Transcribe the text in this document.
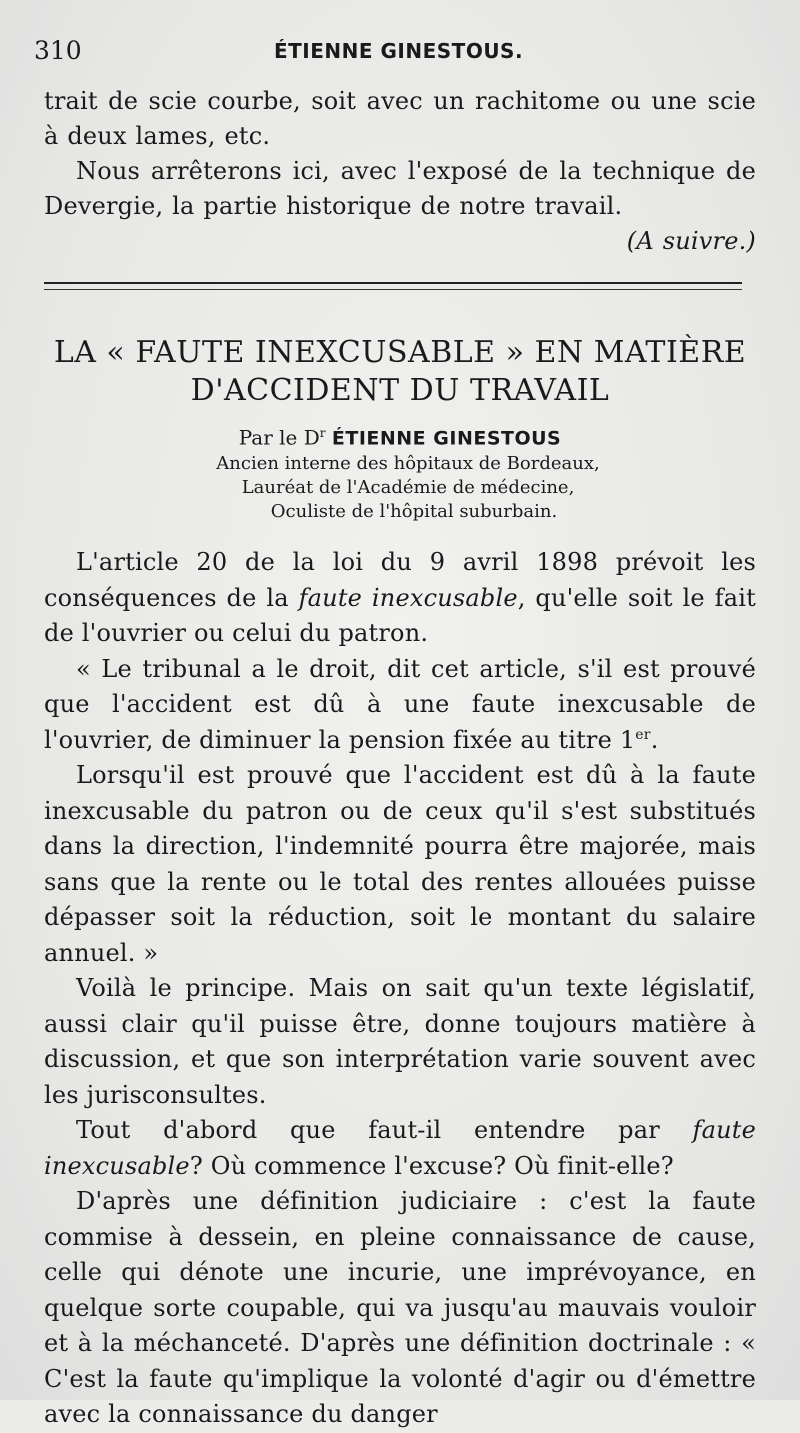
310	ÉTIENNE GINESTOUS.

trait de scie courbe, soit avec un rachitome ou une scie à deux lames, etc.

Nous arrêterons ici, avec l'exposé de la technique de Devergie, la partie historique de notre travail.

(A suivre.)

LA « FAUTE INEXCUSABLE » EN MATIÈRE
D'ACCIDENT DU TRAVAIL
Par le $D^r$ ÉTIENNE GINESTOUS
Ancien interne des hôpitaux de Bordeaux,
Lauréat de l'Académie de médecine,
Oculiste de l'hôpital suburbain.

L'article 20 de la loi du 9 avril 1898 prévoit les conséquences de la faute inexcusable, qu'elle soit le fait de l'ouvrier ou celui du patron.

« Le tribunal a le droit, dit cet article, s'il est prouvé que l'accident est dû à une faute inexcusable de l'ouvrier, de diminuer la pension fixée au titre 1er.

Lorsqu'il est prouvé que l'accident est dû à la faute inexcusable du patron ou de ceux qu'il s'est substitués dans la direction, l'indemnité pourra être majorée, mais sans que la rente ou le total des rentes allouées puisse dépasser soit la réduction, soit le montant du salaire annuel. »

Voilà le principe. Mais on sait qu'un texte législatif, aussi clair qu'il puisse être, donne toujours matière à discussion, et que son interprétation varie souvent avec les jurisconsultes.

Tout d'abord que faut-il entendre par faute inexcusable? Où commence l'excuse? Où finit-elle?

D'après une définition judiciaire : c'est la faute commise à dessein, en pleine connaissance de cause, celle qui dénote une incurie, une imprévoyance, en quelque sorte coupable, qui va jusqu'au mauvais vouloir et à la méchanceté. D'après une définition doctrinale : « C'est la faute qu'implique la volonté d'agir ou d'émettre avec la connaissance du danger
